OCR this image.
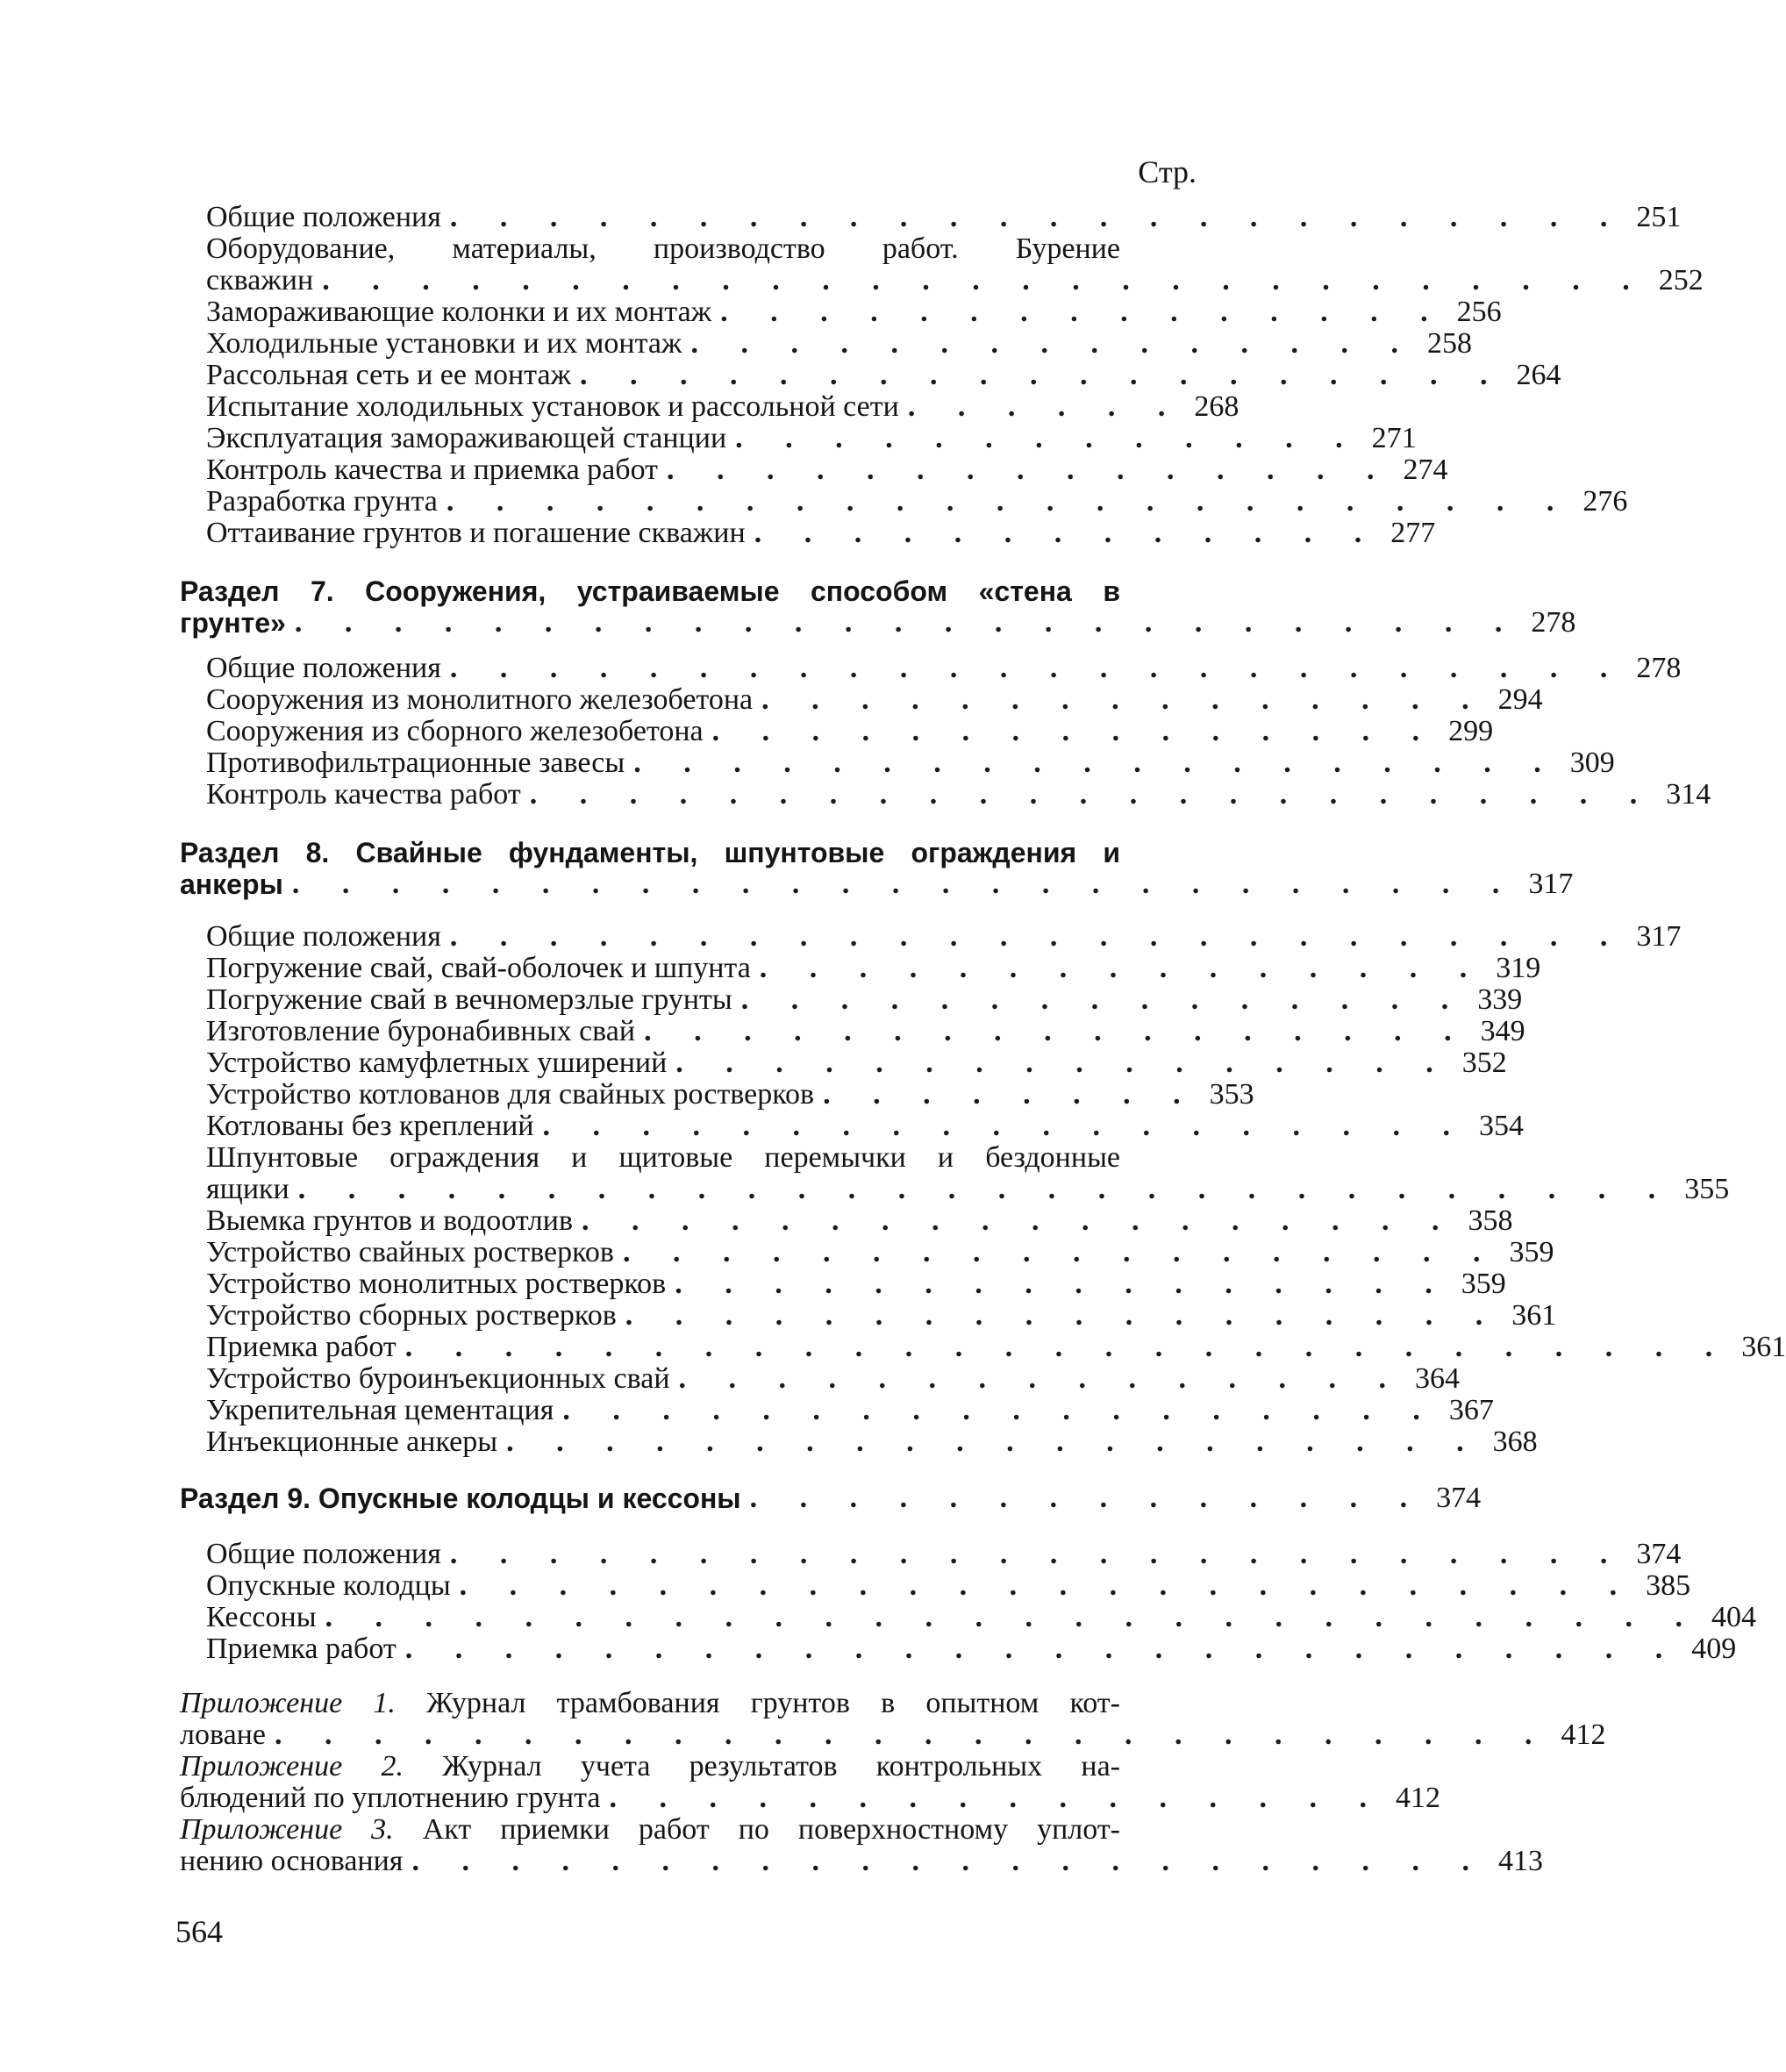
Стр.
Общие положения . . . . . . . . . . . . . . . . . . . . . . . . 251
Оборудование, материалы, производство работ. Бурение
скважин . . . . . . . . . . . . . . . . . . . . . . . . . . . 252
Замораживающие колонки и их монтаж . . . . . . . . . . . . . . . 256
Холодильные установки и их монтаж . . . . . . . . . . . . . . . 258
Рассольная сеть и ее монтаж . . . . . . . . . . . . . . . . . . . 264
Испытание холодильных установок и рассольной сети . . . . . . 268
Эксплуатация замораживающей станции . . . . . . . . . . . . . 271
Контроль качества и приемка работ . . . . . . . . . . . . . . . 274
Разработка грунта . . . . . . . . . . . . . . . . . . . . . . . 276
Оттаивание грунтов и погашение скважин . . . . . . . . . . . . . 277
Раздел 7. Сооружения, устраиваемые способом «стена в
грунте» . . . . . . . . . . . . . . . . . . . . . . . . . 278
Общие положения . . . . . . . . . . . . . . . . . . . . . . . . 278
Сооружения из монолитного железобетона . . . . . . . . . . . . . . . 294
Сооружения из сборного железобетона . . . . . . . . . . . . . . . 299
Противофильтрационные завесы . . . . . . . . . . . . . . . . . . . 309
Контроль качества работ . . . . . . . . . . . . . . . . . . . . . . . 314
Раздел 8. Свайные фундаменты, шпунтовые ограждения и
анкеры . . . . . . . . . . . . . . . . . . . . . . . . . 317
Общие положения . . . . . . . . . . . . . . . . . . . . . . . . 317
Погружение свай, свай-оболочек и шпунта . . . . . . . . . . . . . . . 319
Погружение свай в вечномерзлые грунты . . . . . . . . . . . . . . . 339
Изготовление буронабивных свай . . . . . . . . . . . . . . . . . 349
Устройство камуфлетных уширений . . . . . . . . . . . . . . . . 352
Устройство котлованов для свайных ростверков . . . . . . . . 353
Котлованы без креплений . . . . . . . . . . . . . . . . . . . 354
Шпунтовые ограждения и щитовые перемычки и бездонные
ящики . . . . . . . . . . . . . . . . . . . . . . . . . . . . 355
Выемка грунтов и водоотлив . . . . . . . . . . . . . . . . . . 358
Устройство свайных ростверков . . . . . . . . . . . . . . . . . . 359
Устройство монолитных ростверков . . . . . . . . . . . . . . . . 359
Устройство сборных ростверков . . . . . . . . . . . . . . . . . . 361
Приемка работ . . . . . . . . . . . . . . . . . . . . . . . . . . . 361
Устройство буроинъекционных свай . . . . . . . . . . . . . . . 364
Укрепительная цементация . . . . . . . . . . . . . . . . . . 367
Инъекционные анкеры . . . . . . . . . . . . . . . . . . . . 368
Раздел 9. Опускные колодцы и кессоны . . . . . . . . . . . . . . 374
Общие положения . . . . . . . . . . . . . . . . . . . . . . . . 374
Опускные колодцы . . . . . . . . . . . . . . . . . . . . . . . . 385
Кессоны . . . . . . . . . . . . . . . . . . . . . . . . . . . . 404
Приемка работ . . . . . . . . . . . . . . . . . . . . . . . . . . 409
Приложение 1. Журнал трамбования грунтов в опытном кот-
ловане . . . . . . . . . . . . . . . . . . . . . . . . . . 412
Приложение 2. Журнал учета результатов контрольных на-
блюдений по уплотнению грунта . . . . . . . . . . . . . . . . 412
Приложение 3. Акт приемки работ по поверхностному уплот-
нению основания . . . . . . . . . . . . . . . . . . . . . . 413
564
